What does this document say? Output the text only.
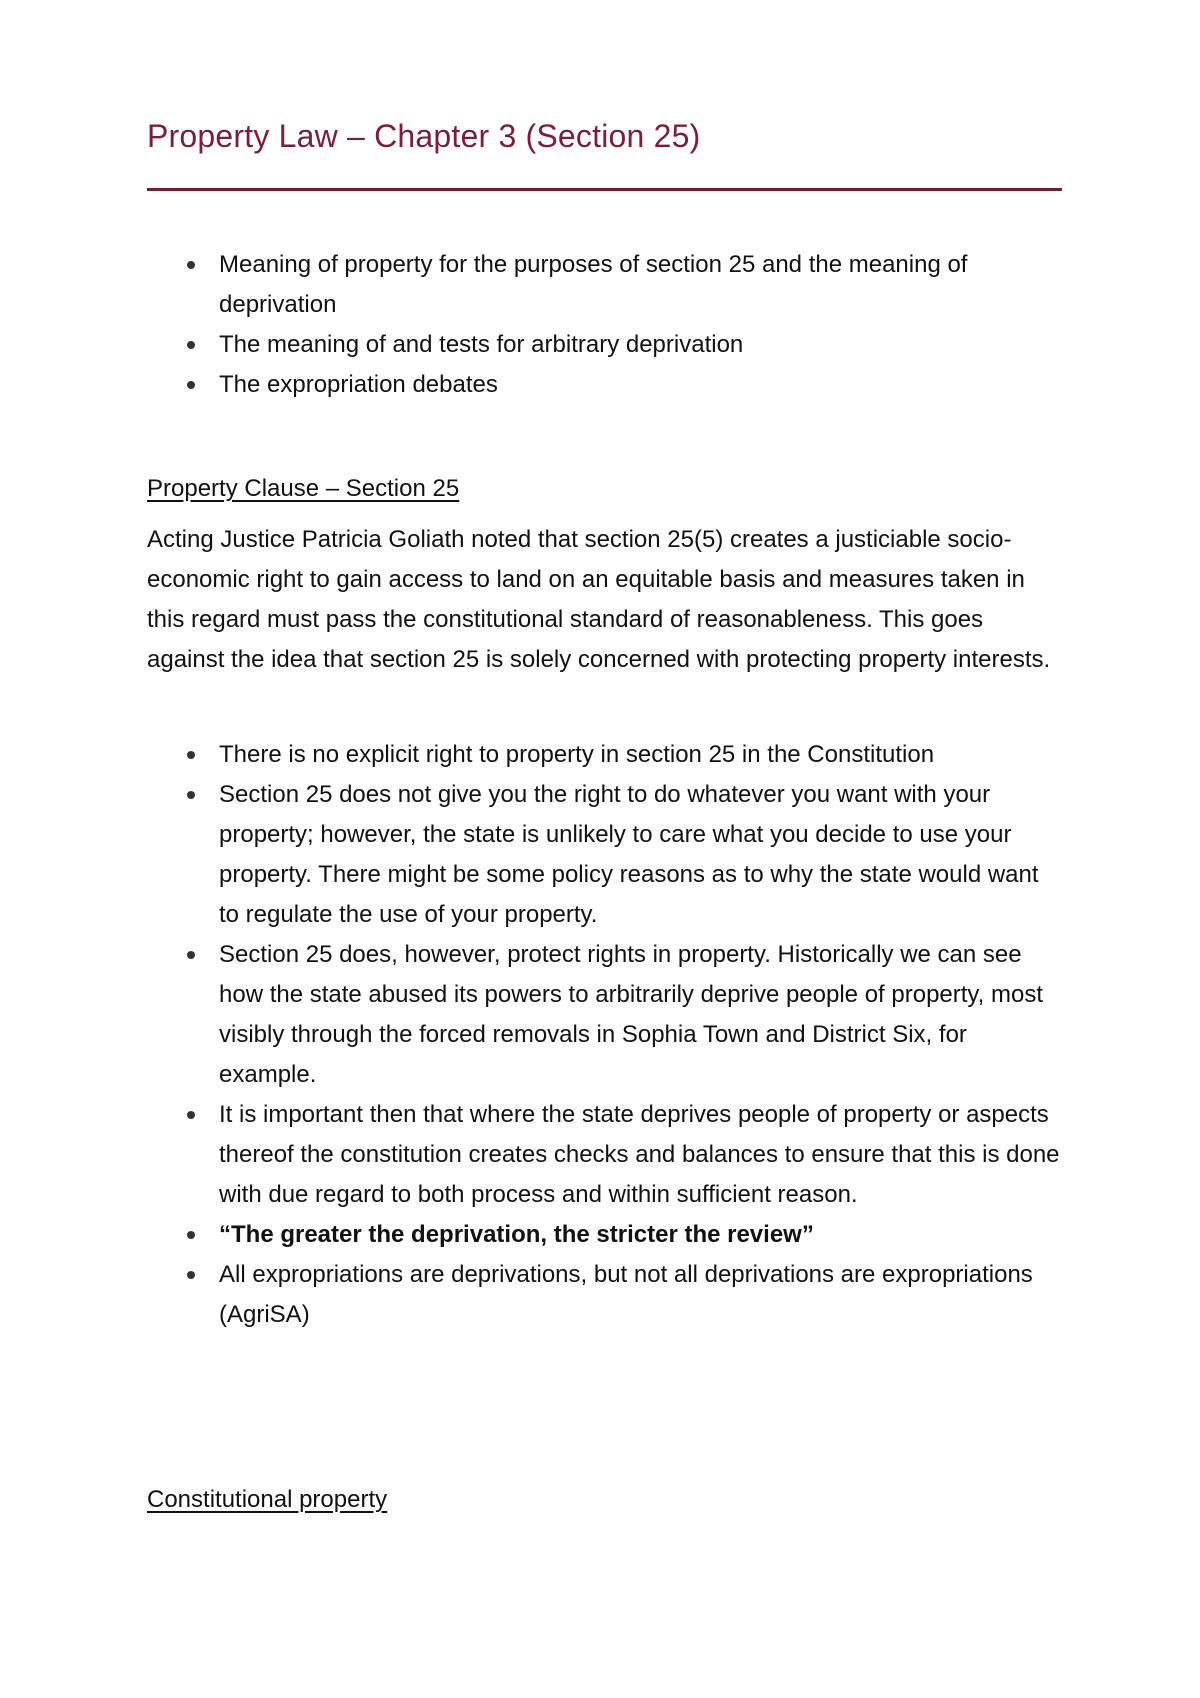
Property Law – Chapter 3 (Section 25)
Meaning of property for the purposes of section 25 and the meaning of deprivation
The meaning of and tests for arbitrary deprivation
The expropriation debates
Property Clause – Section 25

Acting Justice Patricia Goliath noted that section 25(5) creates a justiciable socio-economic right to gain access to land on an equitable basis and measures taken in this regard must pass the constitutional standard of reasonableness. This goes against the idea that section 25 is solely concerned with protecting property interests.

There is no explicit right to property in section 25 in the Constitution
Section 25 does not give you the right to do whatever you want with your property; however, the state is unlikely to care what you decide to use your property. There might be some policy reasons as to why the state would want to regulate the use of your property.
Section 25 does, however, protect rights in property. Historically we can see how the state abused its powers to arbitrarily deprive people of property, most visibly through the forced removals in Sophia Town and District Six, for example.
It is important then that where the state deprives people of property or aspects thereof the constitution creates checks and balances to ensure that this is done with due regard to both process and within sufficient reason.
“The greater the deprivation, the stricter the review”
All expropriations are deprivations, but not all deprivations are expropriations (AgriSA)
Constitutional property
